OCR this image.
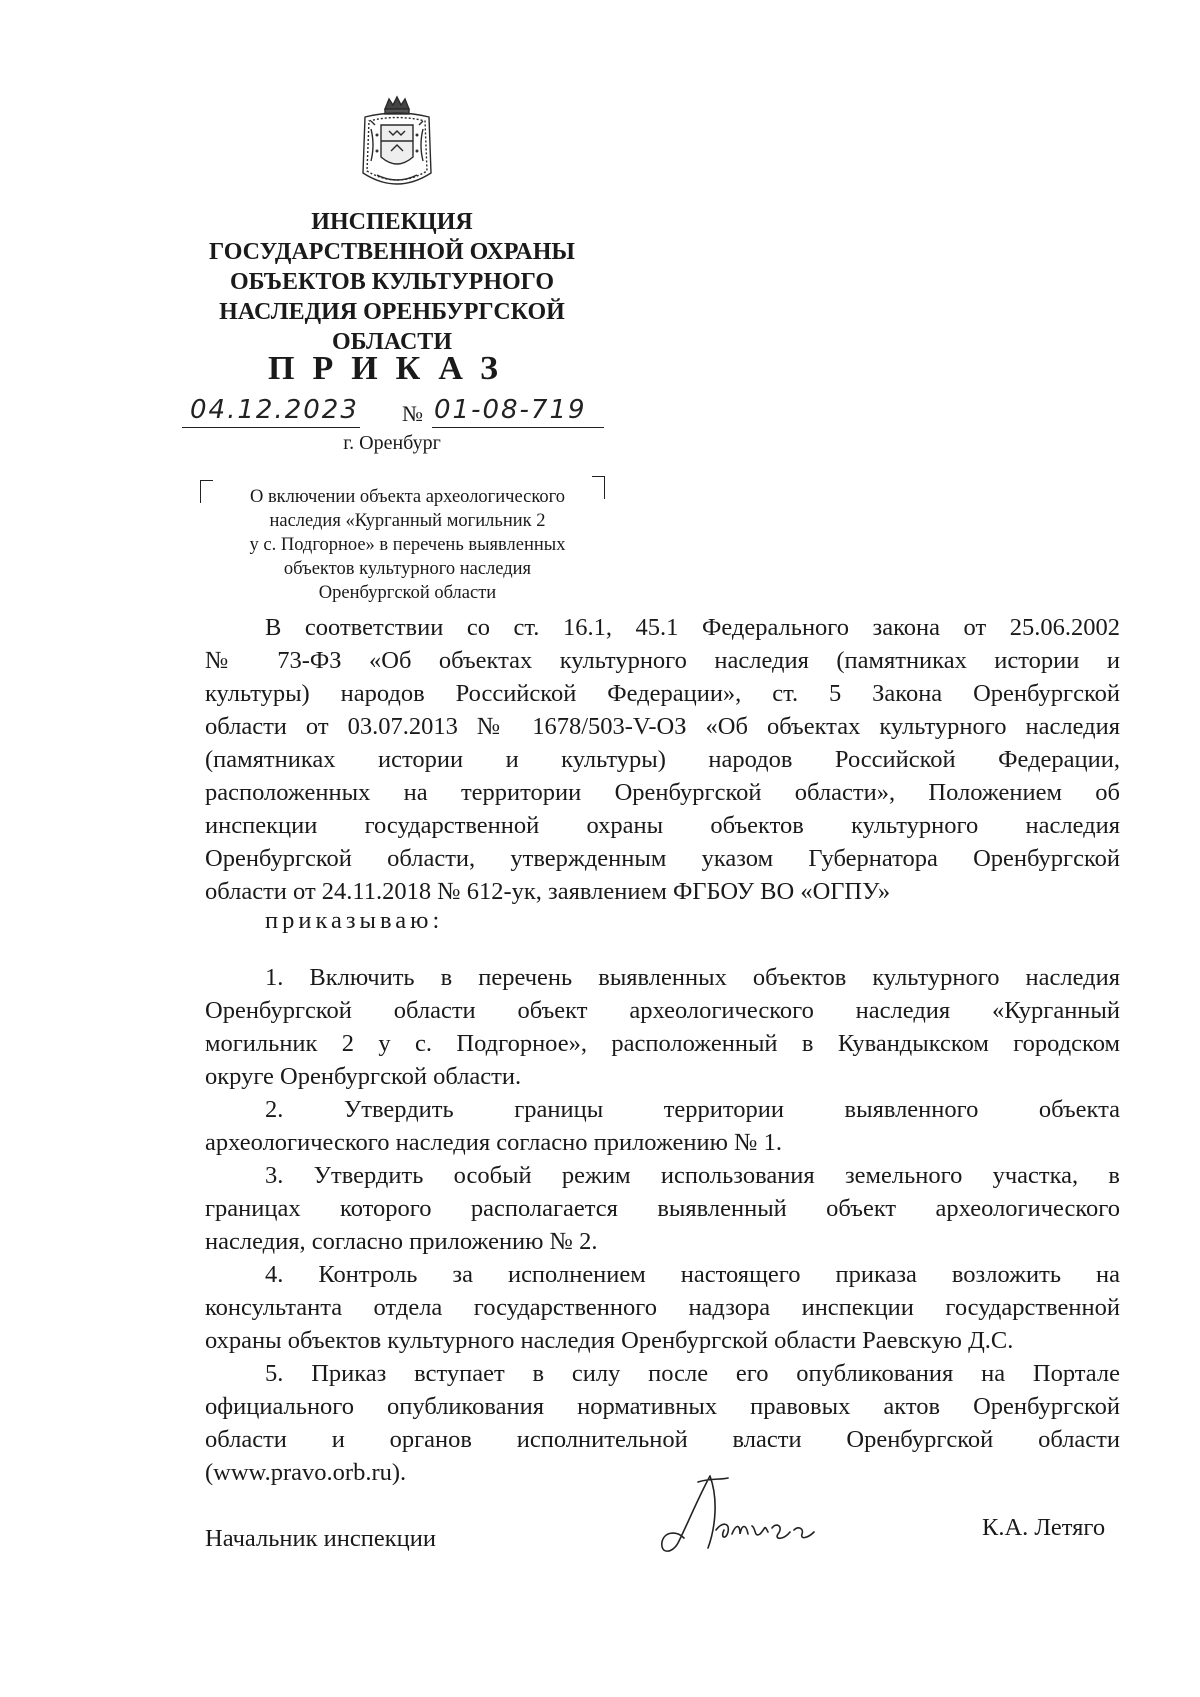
ИНСПЕКЦИЯ
ГОСУДАРСТВЕННОЙ ОХРАНЫ
ОБЪЕКТОВ КУЛЬТУРНОГО
НАСЛЕДИЯ ОРЕНБУРГСКОЙ
ОБЛАСТИ
ПРИКАЗ
04.12.2023 № 01-08-719
г. Оренбург
О включении объекта археологического
наследия «Курганный могильник 2
у с. Подгорное» в перечень выявленных
объектов культурного наследия
Оренбургской области
В соответствии со ст. 16.1, 45.1 Федерального закона от 25.06.2002
№ 73-ФЗ «Об объектах культурного наследия (памятниках истории и
культуры) народов Российской Федерации», ст. 5 Закона Оренбургской
области от 03.07.2013 № 1678/503-V-ОЗ «Об объектах культурного наследия
(памятниках истории и культуры) народов Российской Федерации,
расположенных на территории Оренбургской области», Положением об
инспекции государственной охраны объектов культурного наследия
Оренбургской области, утвержденным указом Губернатора Оренбургской
области от 24.11.2018 № 612-ук, заявлением ФГБОУ ВО «ОГПУ»
приказываю:
1. Включить в перечень выявленных объектов культурного наследия
Оренбургской области объект археологического наследия «Курганный
могильник 2 у с. Подгорное», расположенный в Кувандыкском городском
округе Оренбургской области.
2. Утвердить границы территории выявленного объекта
археологического наследия согласно приложению № 1.
3. Утвердить особый режим использования земельного участка, в
границах которого располагается выявленный объект археологического
наследия, согласно приложению № 2.
4. Контроль за исполнением настоящего приказа возложить на
консультанта отдела государственного надзора инспекции государственной
охраны объектов культурного наследия Оренбургской области Раевскую Д.С.
5. Приказ вступает в силу после его опубликования на Портале
официального опубликования нормативных правовых актов Оренбургской
области и органов исполнительной власти Оренбургской области
(www.pravo.orb.ru).
Начальник инспекции	К.А. Летяго
